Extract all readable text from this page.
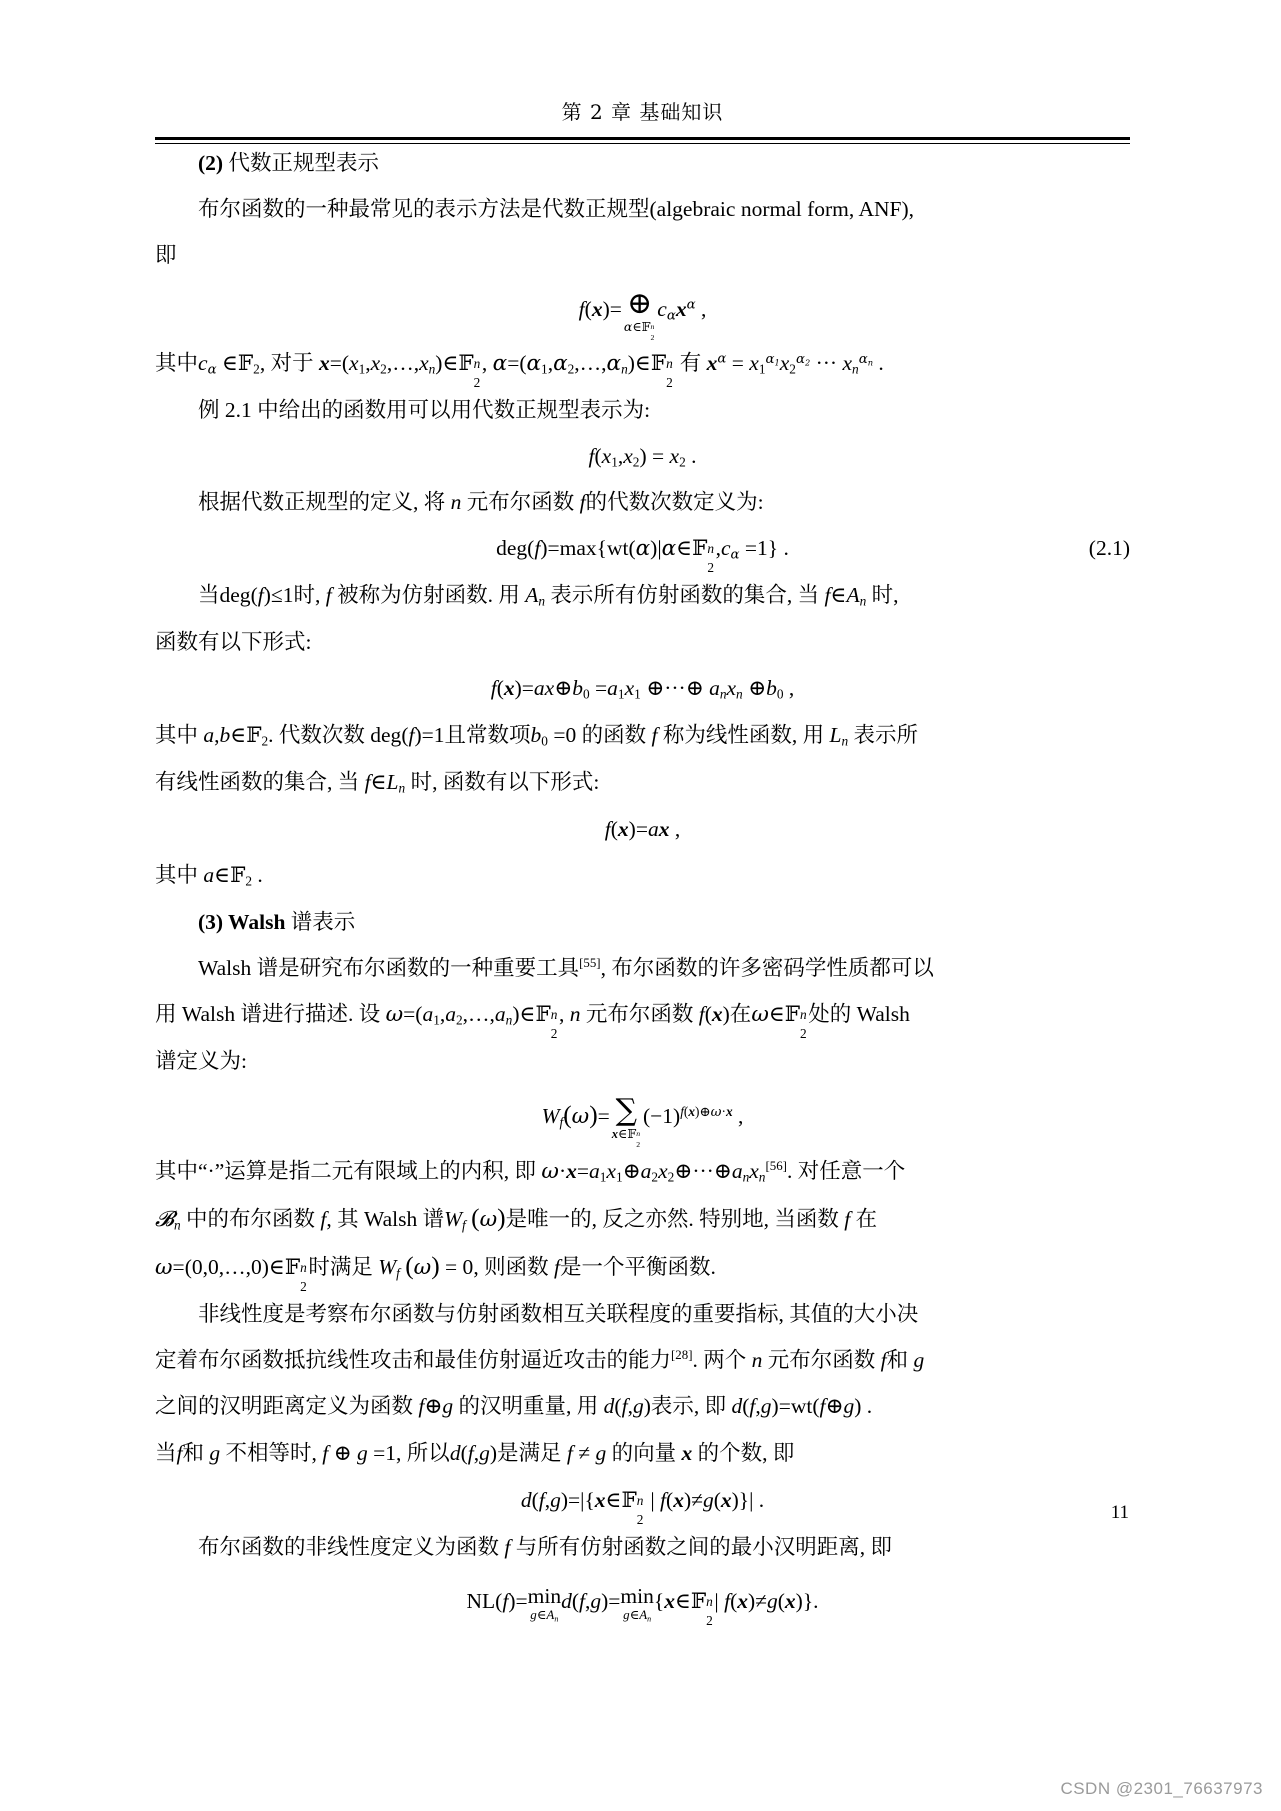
第 2 章 基础知识

(2) 代数正规型表示

布尔函数的一种最常见的表示方法是代数正规型(algebraic normal form, ANF),

即

f(x)= ⊕
α∈𝔽 n
2
$c_\alpha x^\alpha$ ,

其中$c_\alpha$ ∈𝔽$_2$, 对于 $x=(x_1,x_2,\dots,x_n)\in 𝔽$ n
2
, $\alpha=(\alpha_1,\alpha_2,\dots,\alpha_n)\in 𝔽$ n
2
有 $x^\alpha = x_1^{\alpha_1}x_2^{\alpha_2}$ ··· $x_n^{\alpha_n}$ .

例 2.1 中给出的函数用可以用代数正规型表示为:

$f(x_1,x_2) = x_2$ .

根据代数正规型的定义, 将 n 元布尔函数 f的代数次数定义为:

deg(f)=max{wt(α)|α∈𝔽 n
2
$,c_\alpha =1$} .	(2.1)

当deg(f)≤1时, f 被称为仿射函数. 用 $A_n$ 表示所有仿射函数的集合, 当 $f\in A_n$ 时,

函数有以下形式:

$f(x)=ax\oplus b_0 =a_1x_1$ ⊕···⊕ $a_nx_n$ $\oplus b_0$ ,

其中 a,b∈𝔽$_2$. 代数次数 deg(f)=1且常数项$b_0 =0$ 的函数 f 称为线性函数, 用 $L_n$ 表示所

有线性函数的集合, 当 $f\in L_n$ 时, 函数有以下形式:

f(x)=ax ,

其中 a∈𝔽$_2$ .

(3) Walsh 谱表示

Walsh 谱是研究布尔函数的一种重要工具[55], 布尔函数的许多密码学性质都可以

用 Walsh 谱进行描述. 设 $\omega=(a_1,a_2,\dots,a_n)\in 𝔽$ n
2
, n 元布尔函数 f(x)在ω∈𝔽 n
2
处的 Walsh

谱定义为:

$W_f(\omega)=$ ∑
x∈𝔽 n
2
$(-1)^{f(x)\oplus\omega\cdot x}$ ,

其中“·”运算是指二元有限域上的内积, 即 $\omega\cdot x=a_1x_1\oplus a_2x_2\oplus\cdot\cdot\cdot\oplus a_nx_n[56]$. 对任意一个

𝓑$_n$ 中的布尔函数 f, 其 Walsh 谱$W_f$ (ω)是唯一的, 反之亦然. 特别地, 当函数 f 在

ω=(0,0,…,0)∈𝔽 n
2
时满足 $W_f$ (ω) = 0, 则函数 f是一个平衡函数.

非线性度是考察布尔函数与仿射函数相互关联程度的重要指标, 其值的大小决

定着布尔函数抵抗线性攻击和最佳仿射逼近攻击的能力[28]. 两个 n 元布尔函数 f和 g

之间的汉明距离定义为函数 f⊕g 的汉明重量, 用 d(f,g)表示, 即 d(f,g)=wt(f⊕g) .

当f和 g 不相等时, f ⊕ g =1, 所以d(f,g)是满足 f ≠ g 的向量 x 的个数, 即

d(f,g)=|{x∈𝔽 n
2
| f(x)≠g(x)}| .

布尔函数的非线性度定义为函数 f 与所有仿射函数之间的最小汉明距离, 即

NL(f)= min
$g\in A_n$
d(f,g)= min
$g\in A_n$
{x∈𝔽 n
2
| f(x)≠g(x)}.

11
CSDN @2301_76637973
